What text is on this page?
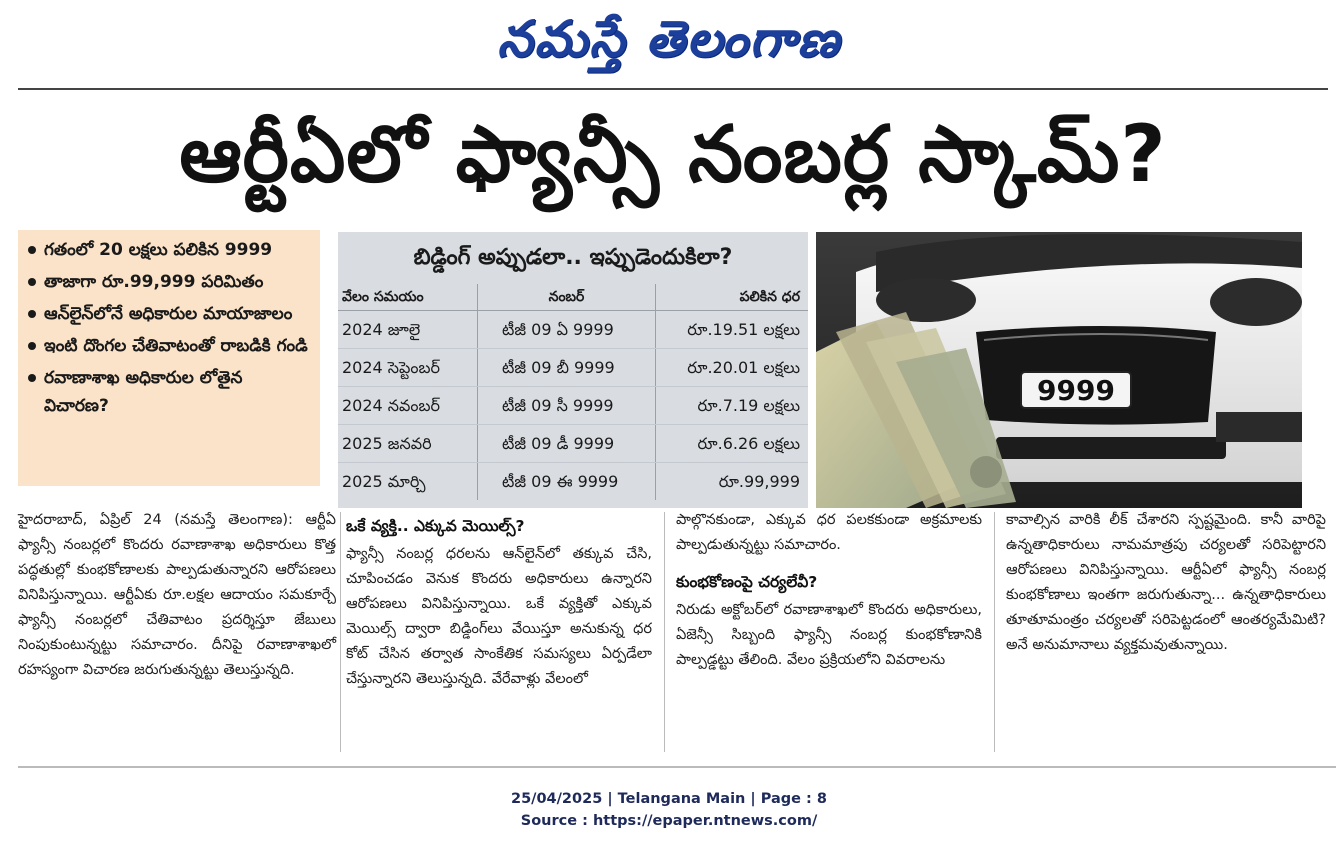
నమస్తే తెలంగాణ
ఆర్టీఏలో ఫ్యాన్సీ నంబర్ల స్కామ్?
గతంలో 20 లక్షలు పలికిన 9999
తాజాగా రూ.99,999 పరిమితం
ఆన్‌లైన్‌లోనే అధికారుల మాయాజాలం
ఇంటి దొంగల చేతివాటంతో రాబడికి గండి
రవాణాశాఖ అధికారుల లోతైన విచారణ?
బిడ్డింగ్ అప్పుడలా.. ఇప్పుడెందుకిలా?
వేలం సమయం	నంబర్	పలికిన ధర
2024 జూలై	టీజీ 09 ఏ 9999	రూ.19.51 లక్షలు
2024 సెప్టెంబర్	టీజీ 09 బీ 9999	రూ.20.01 లక్షలు
2024 నవంబర్	టీజీ 09 సీ 9999	రూ.7.19 లక్షలు
2025 జనవరి	టీజీ 09 డీ 9999	రూ.6.26 లక్షలు
2025 మార్చి	టీజీ 09 ఈ 9999	రూ.99,999
9999

హైదరాబాద్, ఏప్రిల్ 24 (నమస్తే తెలంగాణ): ఆర్టీఏ ఫ్యాన్సీ నంబర్లలో కొందరు రవాణాశాఖ అధికారులు కొత్త పద్ధతుల్లో కుంభకోణాలకు పాల్పడుతున్నారని ఆరోపణలు వినిపిస్తున్నాయి. ఆర్టీఏకు రూ.లక్షల ఆదాయం సమకూర్చే ఫ్యాన్సీ నంబర్లలో చేతివాటం ప్రదర్శిస్తూ జేబులు నింపుకుంటున్నట్టు సమాచారం. దీనిపై రవాణాశాఖలో రహస్యంగా విచారణ జరుగుతున్నట్టు తెలుస్తున్నది.

ఒకే వ్యక్తి.. ఎక్కువ మెయిల్స్?

ఫ్యాన్సీ నంబర్ల ధరలను ఆన్‌లైన్‌లో తక్కువ చేసి, చూపించడం వెనుక కొందరు అధికారులు ఉన్నారని ఆరోపణలు వినిపిస్తున్నాయి. ఒకే వ్యక్తితో ఎక్కువ మెయిల్స్ ద్వారా బిడ్డింగ్‌లు వేయిస్తూ అనుకున్న ధర కోట్ చేసిన తర్వాత సాంకేతిక సమస్యలు ఏర్పడేలా చేస్తున్నారని తెలుస్తున్నది. వేరేవాళ్లు వేలంలో

పాల్గొనకుండా, ఎక్కువ ధర పలకకుండా అక్రమాలకు పాల్పడుతున్నట్టు సమాచారం.

కుంభకోణంపై చర్యలేవీ?

నిరుడు అక్టోబర్‌లో రవాణాశాఖలో కొందరు అధికారులు, ఏజెన్సీ సిబ్బంది ఫ్యాన్సీ నంబర్ల కుంభకోణానికి పాల్పడ్డట్టు తేలింది. వేలం ప్రక్రియలోని వివరాలను

కావాల్సిన వారికి లీక్ చేశారని స్పష్టమైంది. కానీ వారిపై ఉన్నతాధికారులు నామమాత్రపు చర్యలతో సరిపెట్టారని ఆరోపణలు వినిపిస్తున్నాయి. ఆర్టీఏలో ఫ్యాన్సీ నంబర్ల కుంభకోణాలు ఇంతగా జరుగుతున్నా... ఉన్నతాధికారులు తూతూమంత్రం చర్యలతో సరిపెట్టడంలో ఆంతర్యమేమిటి? అనే అనుమానాలు వ్యక్తమవుతున్నాయి.

25/04/2025 | Telangana Main | Page : 8
Source : https://epaper.ntnews.com/
